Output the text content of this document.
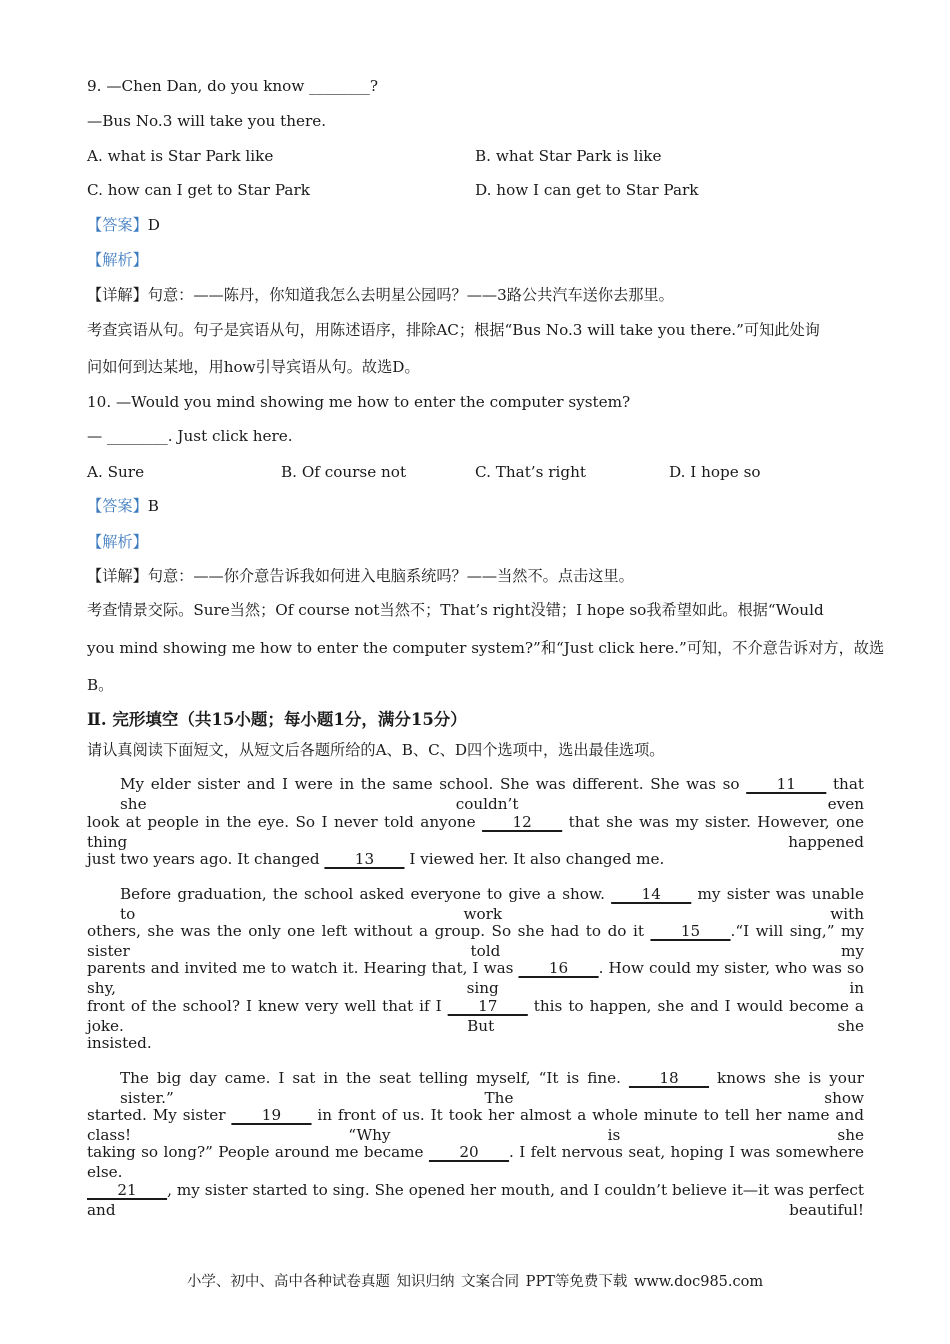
9. —Chen Dan, do you know ________?
—Bus No.3 will take you there.
A. what is Star Park like	B. what Star Park is like
C. how can I get to Star Park	D. how I can get to Star Park
【答案】D
【解析】
【详解】句意：——陈丹，你知道我怎么去明星公园吗？——3路公共汽车送你去那里。
考查宾语从句。句子是宾语从句，用陈述语序，排除AC；根据“Bus No.3 will take you there.”可知此处询
问如何到达某地，用how引导宾语从句。故选D。
10. —Would you mind showing me how to enter the computer system?
— ________. Just click here.
A. Sure	B. Of course not	C. That’s right	D. I hope so
【答案】B
【解析】
【详解】句意：——你介意告诉我如何进入电脑系统吗？——当然不。点击这里。
考查情景交际。Sure当然；Of course not当然不；That’s right没错；I hope so我希望如此。根据“Would
you mind showing me how to enter the computer system?”和“Just click here.”可知，不介意告诉对方，故选
B。
Ⅱ. 完形填空（共15小题；每小题1分，满分15分）
请认真阅读下面短文，从短文后各题所给的A、B、C、D四个选项中，选出最佳选项。
My elder sister and I were in the same school. She was different. She was so ____11____ that she couldn’t even
look at people in the eye. So I never told anyone ____12____ that she was my sister. However, one thing happened
just two years ago. It changed ____13____ I viewed her. It also changed me.
Before graduation, the school asked everyone to give a show. ____14____ my sister was unable to work with
others, she was the only one left without a group. So she had to do it ____15____.“I will sing,” my sister told my
parents and invited me to watch it. Hearing that, I was ____16____. How could my sister, who was so shy, sing in
front of the school? I knew very well that if I ____17____ this to happen, she and I would become a joke. But she
insisted.
The big day came. I sat in the seat telling myself, “It is fine. ____18____ knows she is your sister.” The show
started. My sister ____19____ in front of us. It took her almost a whole minute to tell her name and class! “Why is she
taking so long?” People around me became ____20____. I felt nervous seat, hoping I was somewhere else.
____21____, my sister started to sing. She opened her mouth, and I couldn’t believe it—it was perfect and beautiful!
小学、初中、高中各种试卷真题 知识归纳 文案合同 PPT等免费下载 www.doc985.com
